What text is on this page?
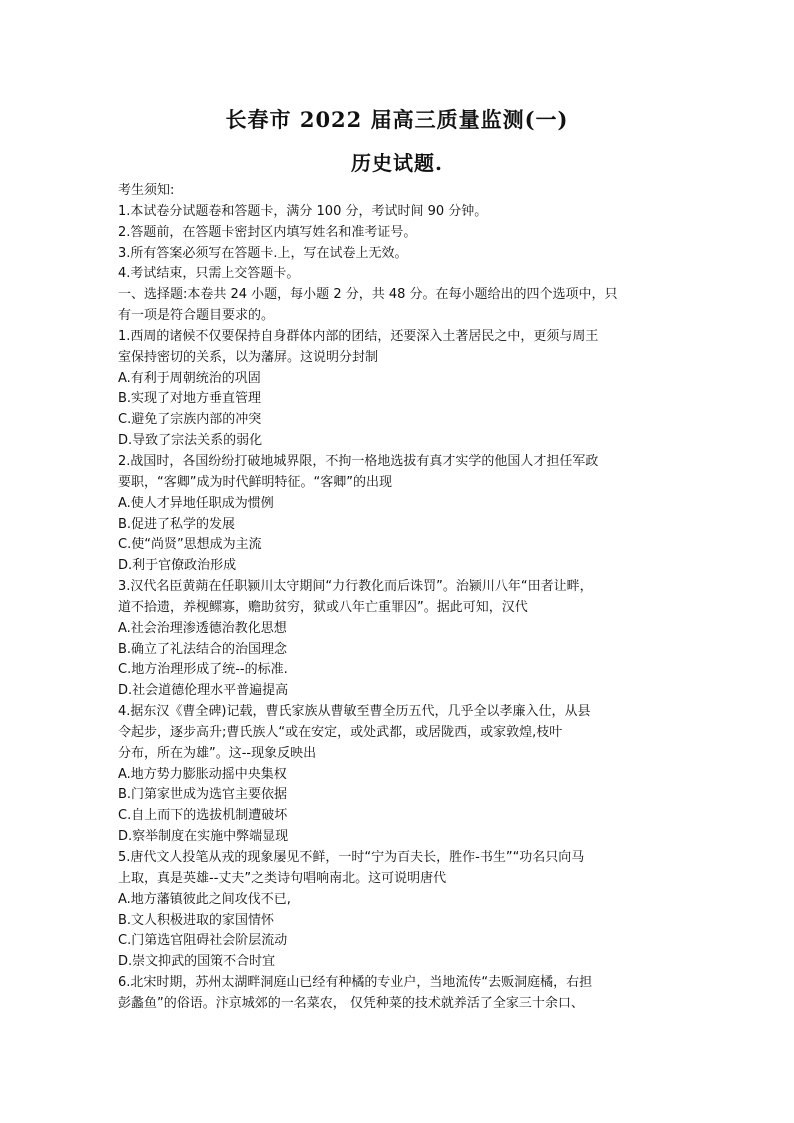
长春市 2022 届高三质量监测(一)
历史试题.
考生须知:
1.本试卷分试题卷和答题卡，满分 100 分，考试时间 90 分钟。
2.答题前，在答题卡密封区内填写姓名和准考证号。
3.所有答案必须写在答题卡.上，写在试卷上无效。
4.考试结束，只需上交答题卡。
一、选择题:本卷共 24 小题，每小题 2 分，共 48 分。在每小题给出的四个选项中，只
有一项是符合题目要求的。
1.西周的诸候不仅要保持自身群体内部的团结，还要深入土著居民之中，更须与周王
室保持密切的关系，以为藩屏。这说明分封制
A.有利于周朝统治的巩固
B.实现了对地方垂直管理
C.避免了宗族内部的冲突
D.导致了宗法关系的弱化
2.战国时，各国纷纷打破地城界限，不拘一格地选拔有真才实学的他国人才担任军政
要职，“客卿”成为时代鲜明特征。“客卿”的出现
A.使人才异地任职成为惯例
B.促进了私学的发展
C.使“尚贤”思想成为主流
D.利于官僚政治形成
3.汉代名臣黄蒴在任职颍川太守期间“力行教化而后诛罚”。治颍川八年“田者让畔，
道不拾遗，养枧鳏寡，赡助贫穷，狱或八年亡重罪囚”。据此可知，汉代
A.社会治理渗透德治教化思想
B.确立了礼法结合的治国理念
C.地方治理形成了统--的标准.
D.社会道德伦理水平普遍提高
4.据东汉《曹全碑)记载，曹氏家族从曹敏至曹全历五代，几乎全以孝廉入仕，从县
令起步，逐步高升;曹氏族人“或在安定，或处武都，或居陇西，或家敦煌,枝叶
分布，所在为雄”。这--现象反映出
A.地方势力膨胀动摇中央集权
B.门第家世成为选官主要依据
C.自上而下的选拔机制遭破坏
D.察举制度在实施中弊端显现
5.唐代文人投笔从戎的现象屡见不鲜，一时“宁为百夫长，胜作-书生”“功名只向马
上取，真是英雄--丈夫”之类诗句唱响南北。这可说明唐代
A.地方藩镇彼此之间攻伐不已,
B.文人积极进取的家国情怀
C.门第选官阻碍社会阶层流动
D.崇文抑武的国策不合时宜
6.北宋时期，苏州太湖畔洞庭山已经有种橘的专业户，当地流传“去贩洞庭橘，右担
彭蠡鱼”的俗语。汴京城郊的一名菜农， 仅凭种菜的技术就养活了全家三十余口、
